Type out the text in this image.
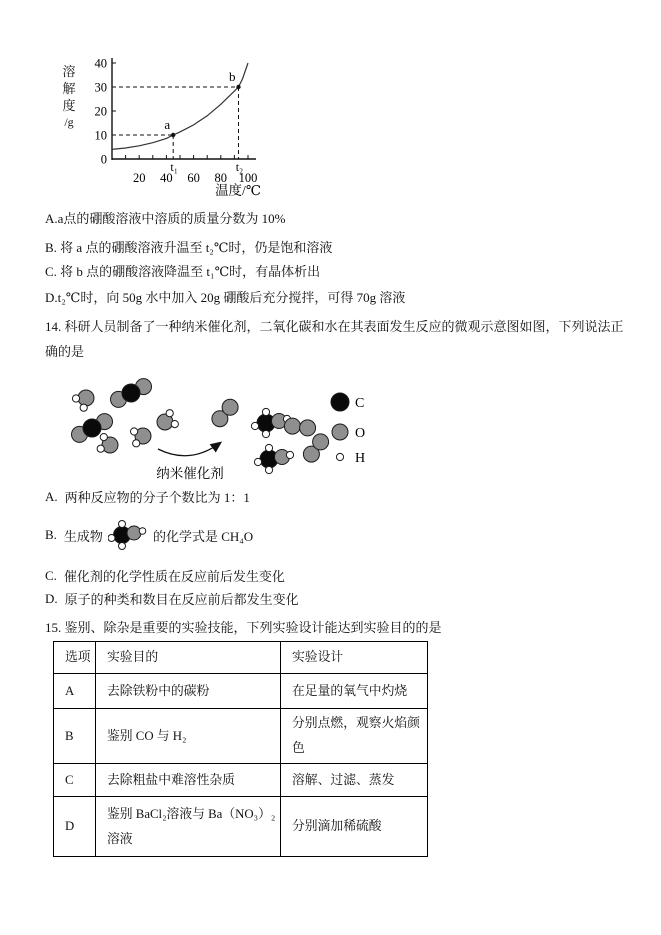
溶解度
/g
温度/℃
0
10
20
30
40
20 40 60 80 100
a
t₁
b
t₂
A.a点的硼酸溶液中溶质的质量分数为 10%
B. 将 a 点的硼酸溶液升温至 t₂℃时，仍是饱和溶液
C. 将 b 点的硼酸溶液降温至 t₁℃时，有晶体析出
D.t₂℃时，向 50g 水中加入 20g 硼酸后充分搅拌，可得 70g 溶液
14. 科研人员制备了一种纳米催化剂，二氧化碳和水在其表面发生反应的微观示意图如图，下列说法正确的是
纳米催化剂
C
O
H
A. 两种反应物的分子个数比为 1：1
B. 生成物	的化学式是 CH₄O
C. 催化剂的化学性质在反应前后发生变化
D. 原子的种类和数目在反应前后都发生变化
15. 鉴别、除杂是重要的实验技能，下列实验设计能达到实验目的的是
选项	实验目的	实验设计
A	去除铁粉中的碳粉	在足量的氧气中灼烧
B	鉴别 CO 与 H₂	分别点燃，观察火焰颜色
C	去除粗盐中难溶性杂质	溶解、过滤、蒸发
D	鉴别 BaCl₂溶液与 Ba（NO₃）₂溶液	分别滴加稀硫酸
